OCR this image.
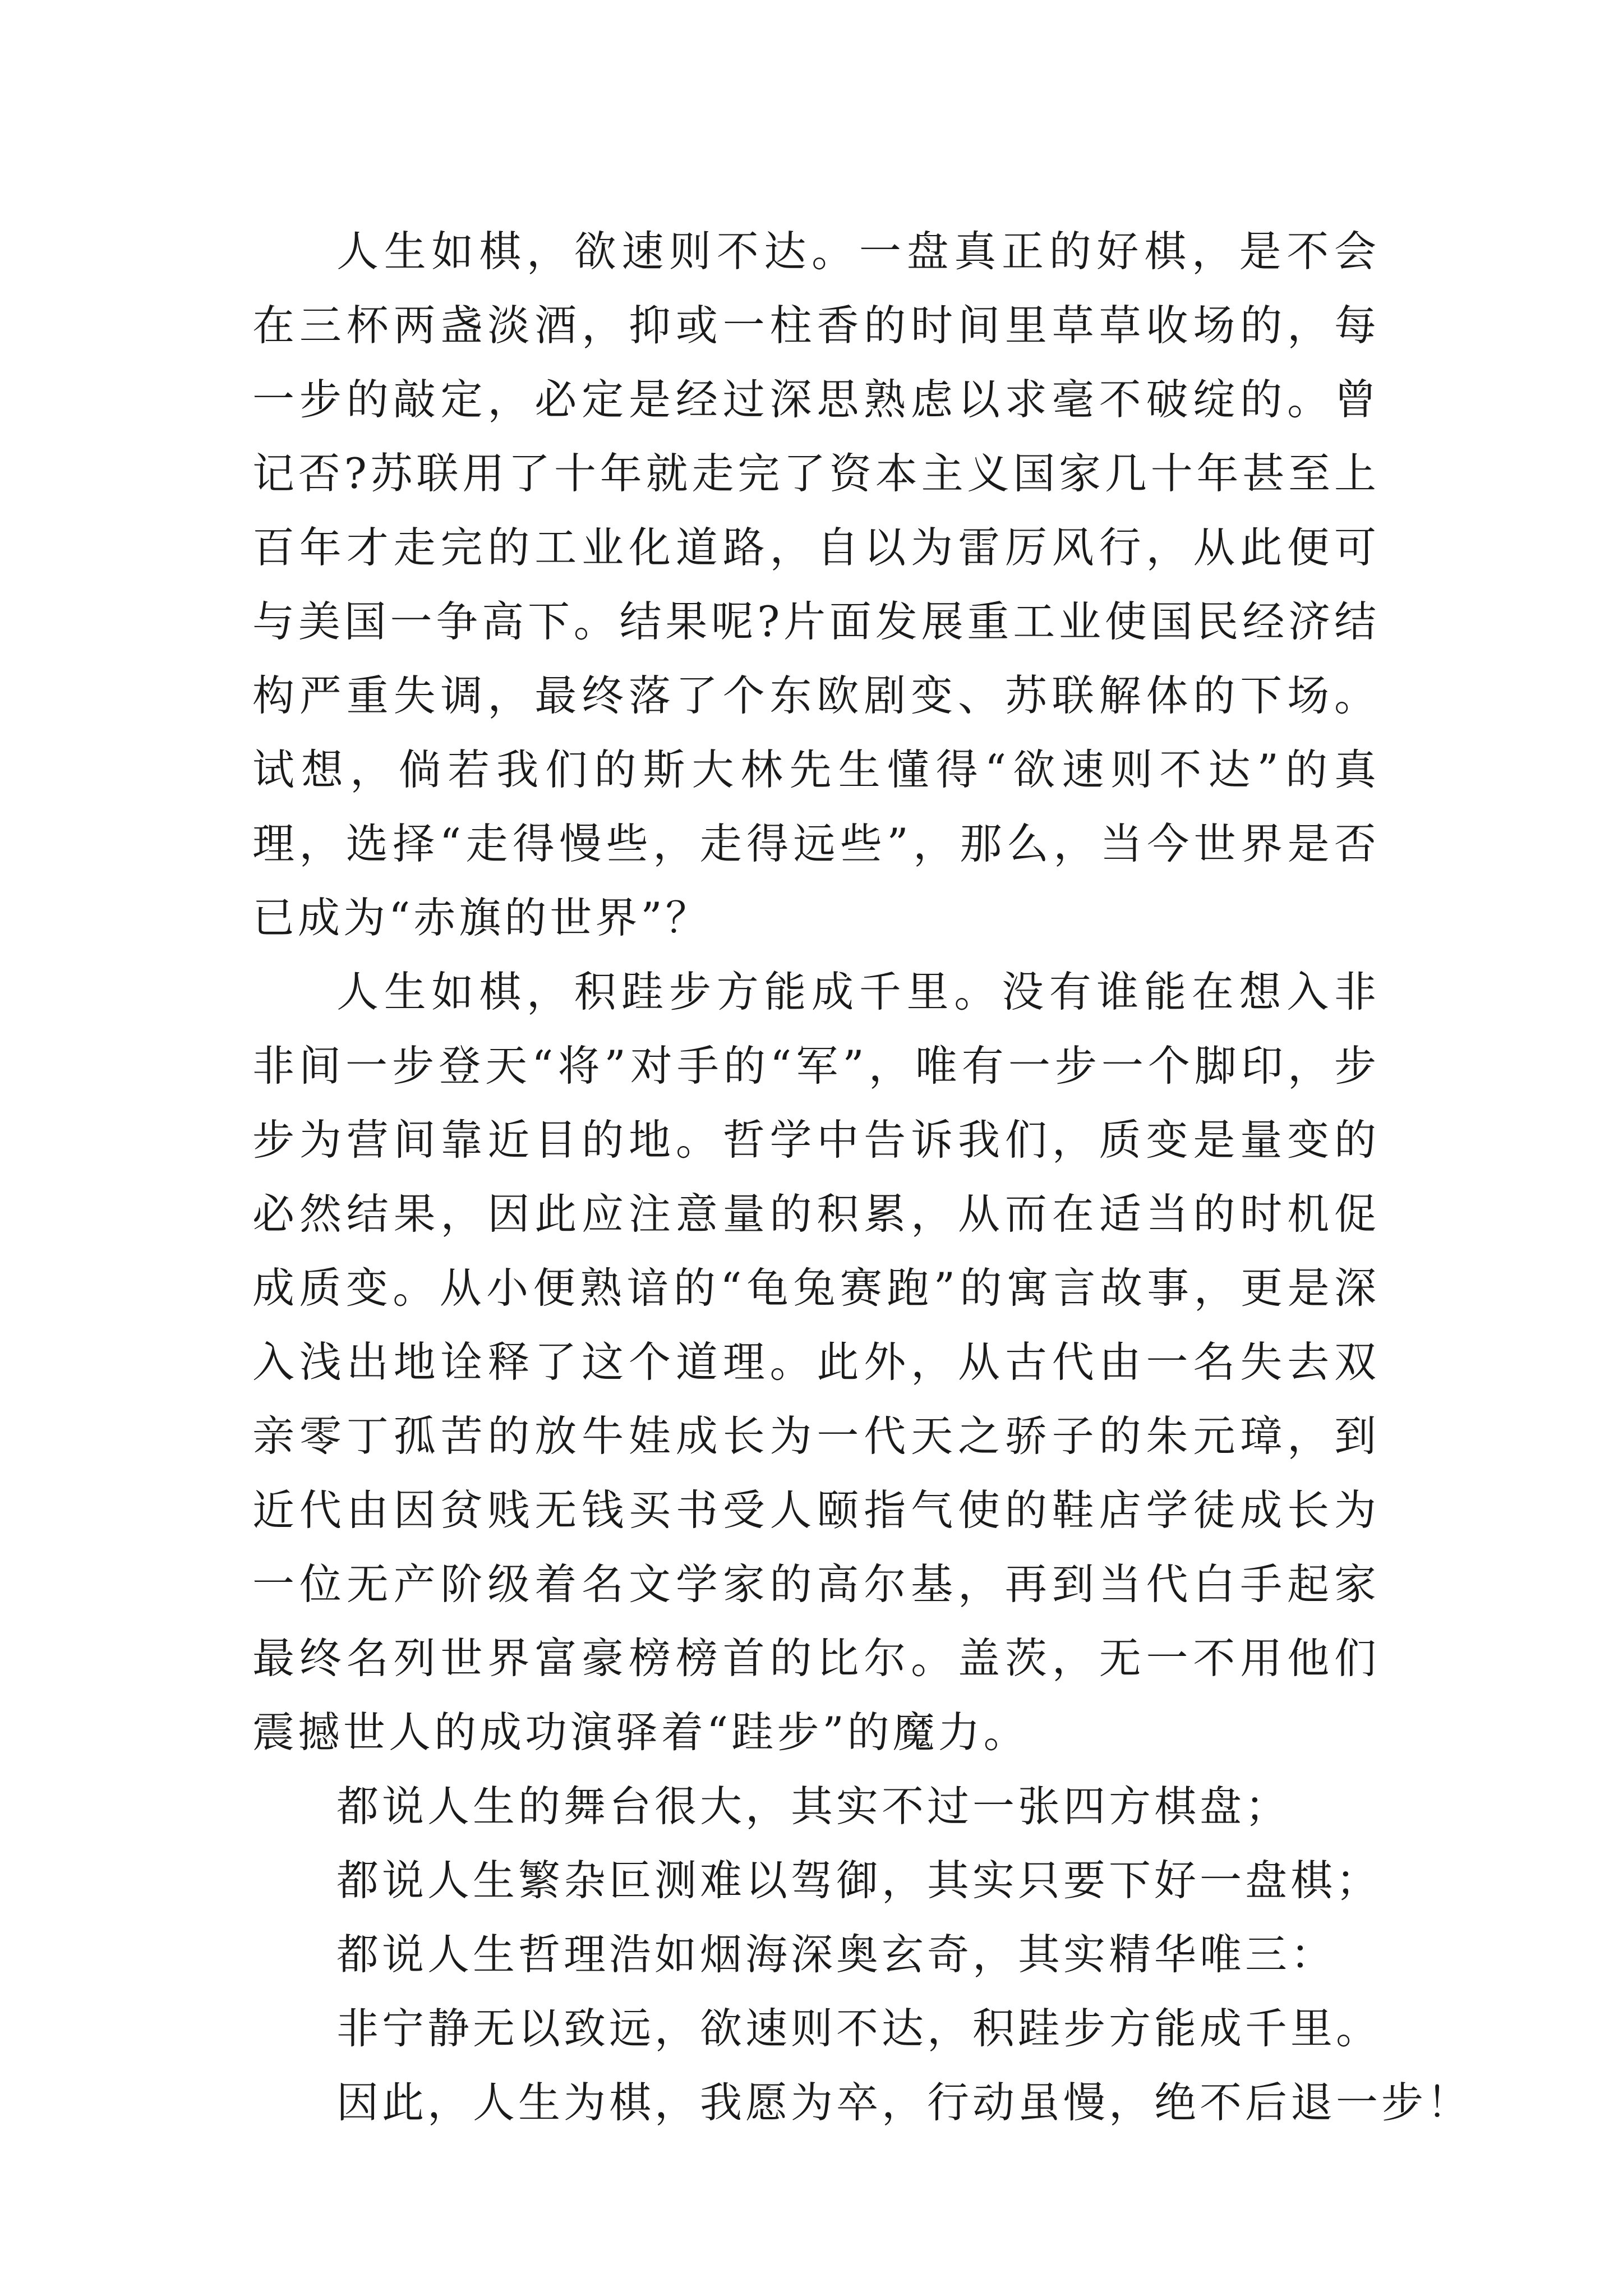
人生如棋，欲速则不达。一盘真正的好棋，是不会在三杯两盏淡酒，抑或一柱香的时间里草草收场的，每一步的敲定，必定是经过深思熟虑以求毫不破绽的。曾记否?苏联用了十年就走完了资本主义国家几十年甚至上百年才走完的工业化道路，自以为雷厉风行，从此便可与美国一争高下。结果呢?片面发展重工业使国民经济结构严重失调，最终落了个东欧剧变、苏联解体的下场。试想，倘若我们的斯大林先生懂得“欲速则不达”的真理，选择“走得慢些，走得远些”，那么，当今世界是否已成为“赤旗的世界”？

人生如棋，积跬步方能成千里。没有谁能在想入非非间一步登天“将”对手的“军”，唯有一步一个脚印，步步为营间靠近目的地。哲学中告诉我们，质变是量变的必然结果，因此应注意量的积累，从而在适当的时机促成质变。从小便熟谙的“龟兔赛跑”的寓言故事，更是深入浅出地诠释了这个道理。此外，从古代由一名失去双亲零丁孤苦的放牛娃成长为一代天之骄子的朱元璋，到近代由因贫贱无钱买书受人颐指气使的鞋店学徒成长为一位无产阶级着名文学家的高尔基，再到当代白手起家最终名列世界富豪榜榜首的比尔。盖茨，无一不用他们震撼世人的成功演驿着“跬步”的魔力。

都说人生的舞台很大，其实不过一张四方棋盘；

都说人生繁杂叵测难以驾御，其实只要下好一盘棋；

都说人生哲理浩如烟海深奥玄奇，其实精华唯三：

非宁静无以致远，欲速则不达，积跬步方能成千里。

因此，人生为棋，我愿为卒，行动虽慢，绝不后退一步！
